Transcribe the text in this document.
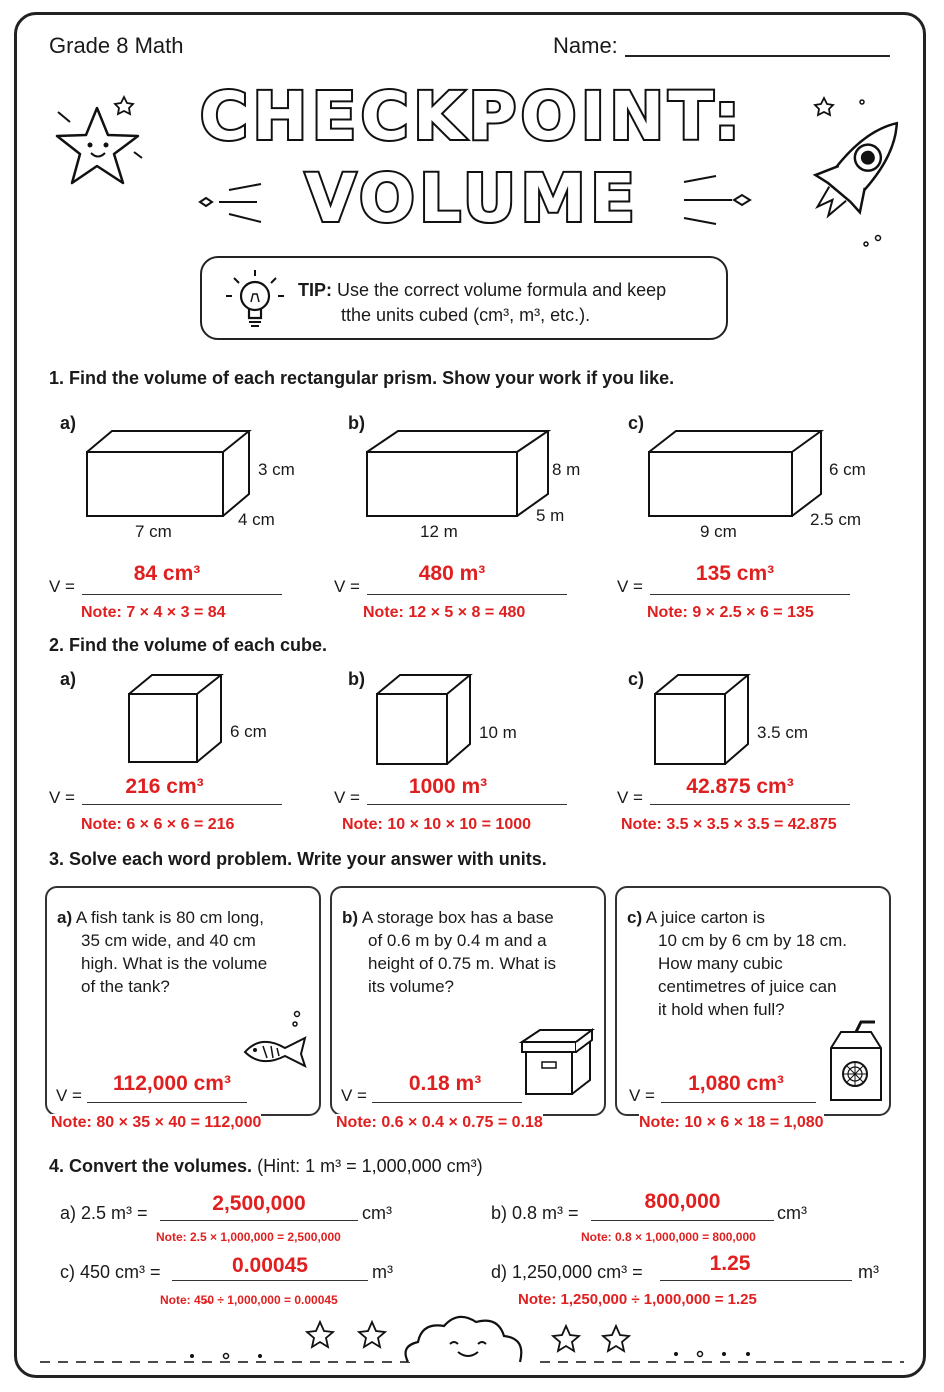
Grade 8 Math	Name:
CHECKPOINT:
VOLUME
TIP: Use the correct volume formula and keep
tthe units cubed (cm³, m³, etc.).
1. Find the volume of each rectangular prism. Show your work if you like.
a)
3 cm
4 cm
7 cm
V =
84 cm³
Note: 7 × 4 × 3 = 84
b)
8 m
5 m
12 m
V =
480 m³
Note: 12 × 5 × 8 = 480
c)
6 cm
2.5 cm
9 cm
V =
135 cm³
Note: 9 × 2.5 × 6 = 135
2. Find the volume of each cube.
a)
6 cm
V =	216 cm³
Note: 6 × 6 × 6 = 216
b)
10 m
V =	1000 m³
Note: 10 × 10 × 10 = 1000
c)
3.5 cm
V =	42.875 cm³
Note: 3.5 × 3.5 × 3.5 = 42.875
3. Solve each word problem. Write your answer with units.
a) A fish tank is 80 cm long,
35 cm wide, and 40 cm
high. What is the volume
of the tank?
V =
112,000 cm³
Note: 80 × 35 × 40 = 112,000
b) A storage box has a base
of 0.6 m by 0.4 m and a
height of 0.75 m. What is
its volume?
V =
0.18 m³
Note: 0.6 × 0.4 × 0.75 = 0.18
c) A juice carton is
10 cm by 6 cm by 18 cm.
How many cubic
centimetres of juice can
it hold when full?
V =
1,080 cm³
Note: 10 × 6 × 18 = 1,080
4. Convert the volumes. (Hint: 1 m³ = 1,000,000 cm³)
a) 2.5 m³ =	2,500,000	cm³
Note: 2.5 × 1,000,000 = 2,500,000
b) 0.8 m³ =	800,000	cm³
Note: 0.8 × 1,000,000 = 800,000
c) 450 cm³ =	0.00045	m³
Note: 45̶0 ÷ 1,000,000 = 0.00045
d) 1,250,000 cm³ =	1.25	m³
Note: 1,250,000 ÷ 1,000,000 = 1.25
